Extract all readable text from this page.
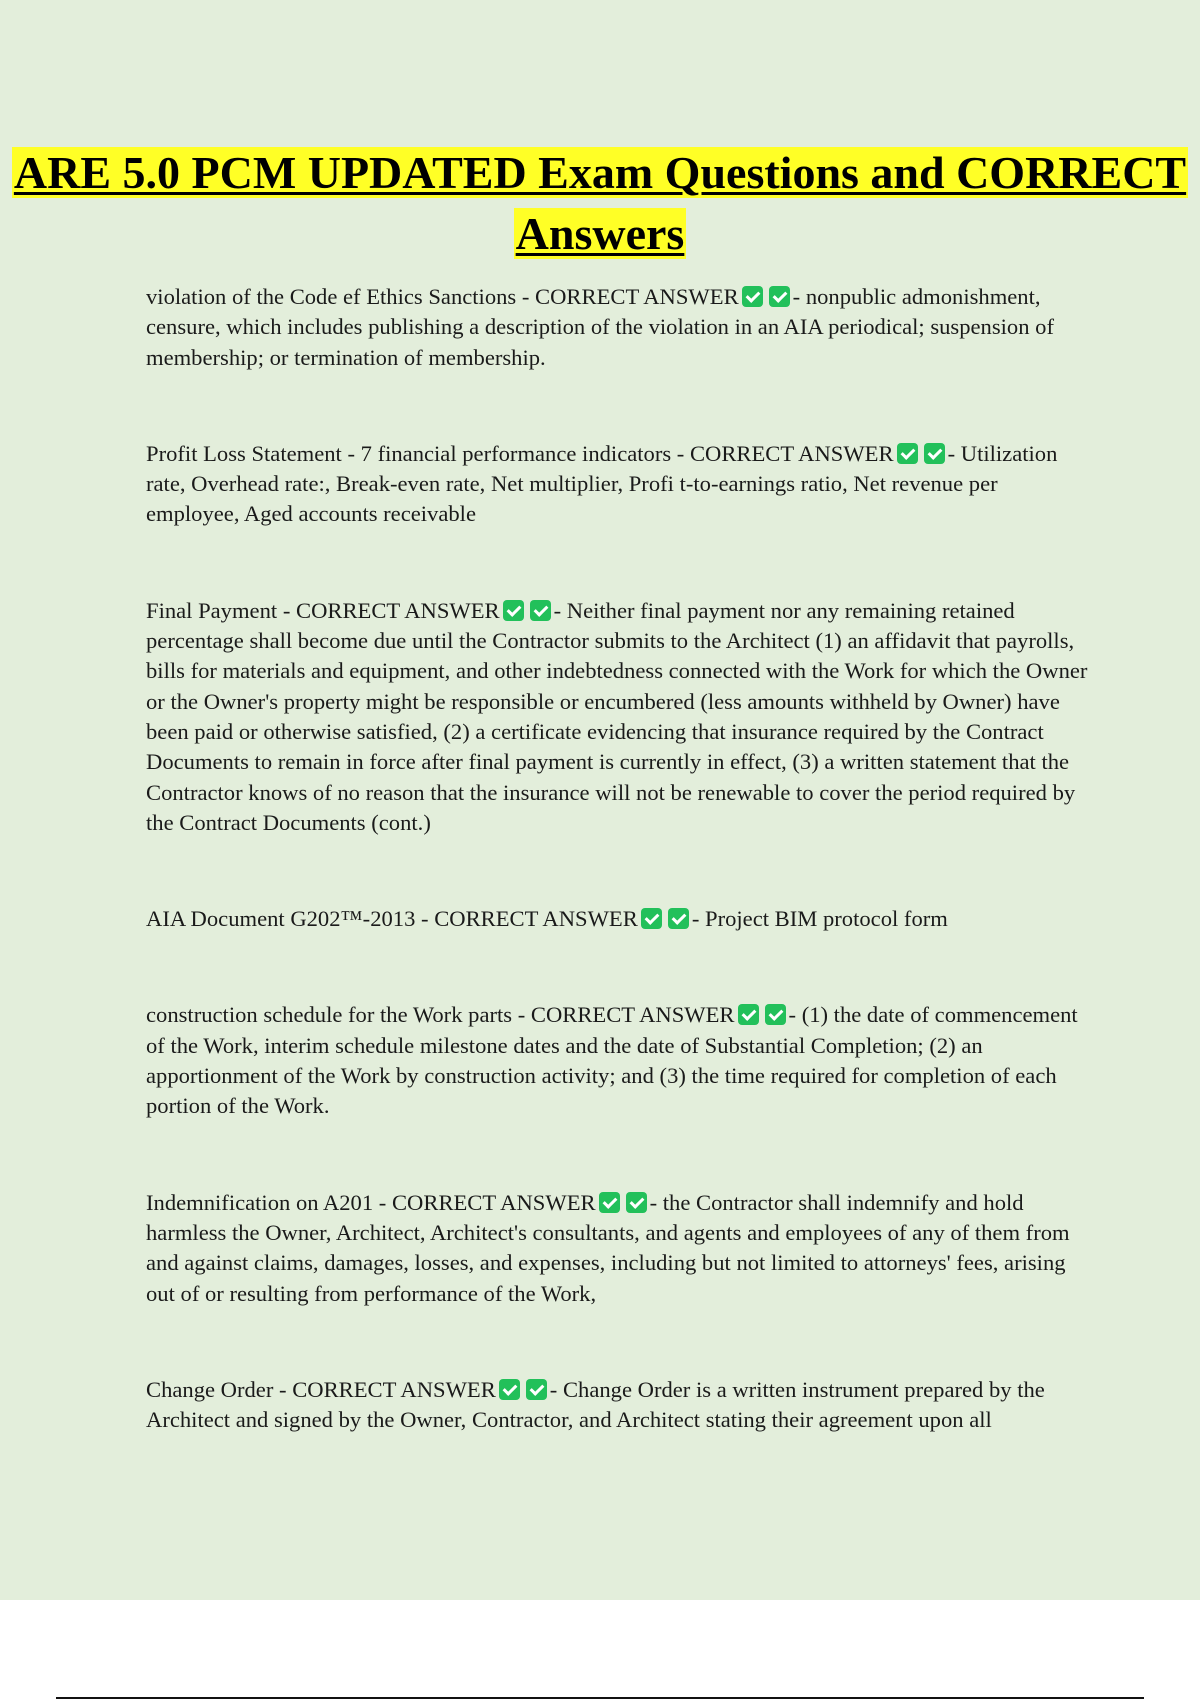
ARE 5.0 PCM UPDATED Exam Questions and CORRECT Answers

violation of the Code ef Ethics Sanctions - CORRECT ANSWER - nonpublic admonishment, censure, which includes publishing a description of the violation in an AIA periodical; suspension of membership; or termination of membership.

Profit Loss Statement - 7 financial performance indicators - CORRECT ANSWER - Utilization rate, Overhead rate:, Break-even rate, Net multiplier, Profi t-to-earnings ratio, Net revenue per employee, Aged accounts receivable

Final Payment - CORRECT ANSWER - Neither final payment nor any remaining retained percentage shall become due until the Contractor submits to the Architect (1) an affidavit that payrolls, bills for materials and equipment, and other indebtedness connected with the Work for which the Owner or the Owner's property might be responsible or encumbered (less amounts withheld by Owner) have been paid or otherwise satisfied, (2) a certificate evidencing that insurance required by the Contract Documents to remain in force after final payment is currently in effect, (3) a written statement that the Contractor knows of no reason that the insurance will not be renewable to cover the period required by the Contract Documents (cont.)

AIA Document G202™-2013 - CORRECT ANSWER - Project BIM protocol form

construction schedule for the Work parts - CORRECT ANSWER - (1) the date of commencement of the Work, interim schedule milestone dates and the date of Substantial Completion; (2) an apportionment of the Work by construction activity; and (3) the time required for completion of each portion of the Work.

Indemnification on A201 - CORRECT ANSWER - the Contractor shall indemnify and hold harmless the Owner, Architect, Architect's consultants, and agents and employees of any of them from and against claims, damages, losses, and expenses, including but not limited to attorneys' fees, arising out of or resulting from performance of the Work,

Change Order - CORRECT ANSWER - Change Order is a written instrument prepared by the Architect and signed by the Owner, Contractor, and Architect stating their agreement upon all
